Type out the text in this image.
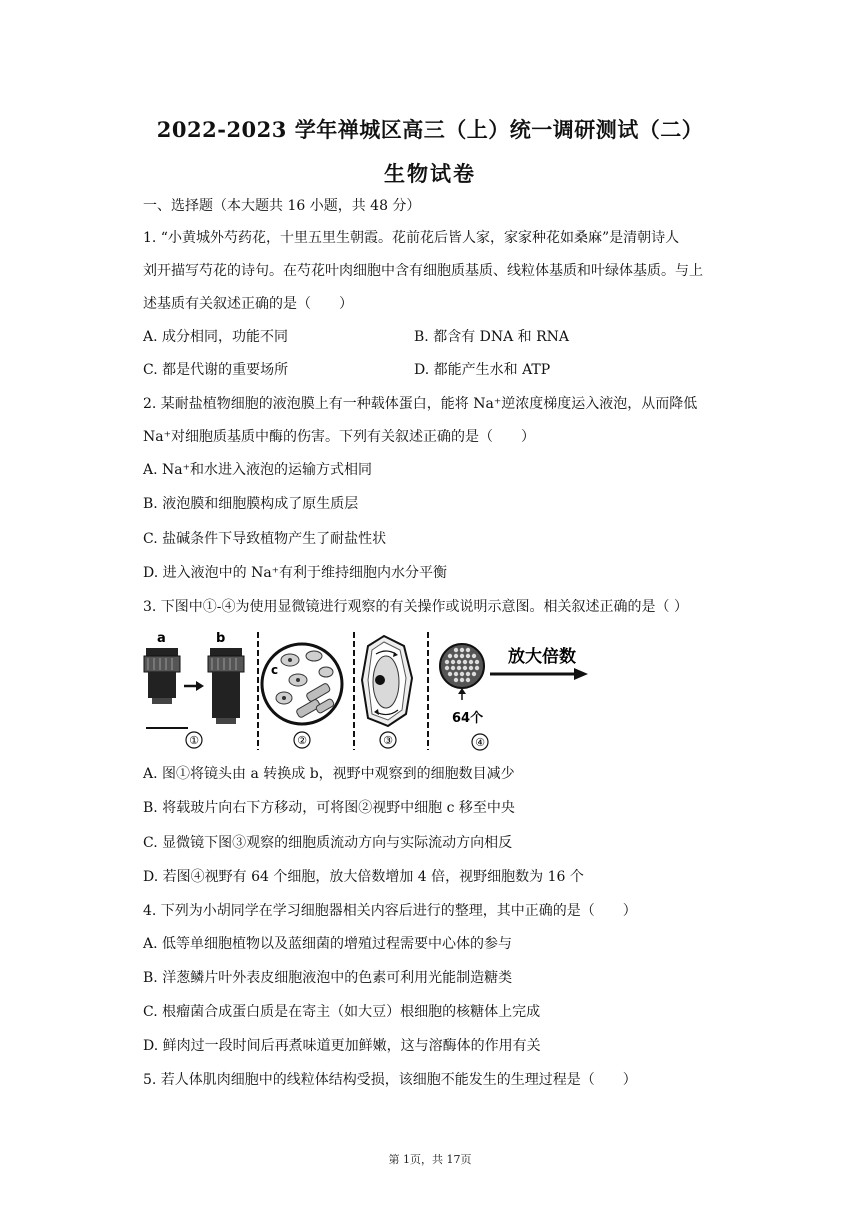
2022-2023 学年禅城区高三（上）统一调研测试（二）
生物试卷
一、选择题（本大题共 16 小题，共 48 分）
1. “小黄城外芍药花，十里五里生朝霞。花前花后皆人家，家家种花如桑麻”是清朝诗人
刘开描写芍花的诗句。在芍花叶肉细胞中含有细胞质基质、线粒体基质和叶绿体基质。与上
述基质有关叙述正确的是（　　）
A. 成分相同，功能不同	B. 都含有 DNA 和 RNA
C. 都是代谢的重要场所	D. 都能产生水和 ATP
2. 某耐盐植物细胞的液泡膜上有一种载体蛋白，能将 Na⁺逆浓度梯度运入液泡，从而降低
Na⁺对细胞质基质中酶的伤害。下列有关叙述正确的是（　　）
A. Na⁺和水进入液泡的运输方式相同
B. 液泡膜和细胞膜构成了原生质层
C. 盐碱条件下导致植物产生了耐盐性状
D. 进入液泡中的 Na⁺有利于维持细胞内水分平衡
3. 下图中①-④为使用显微镜进行观察的有关操作或说明示意图。相关叙述正确的是（ ）
a	b
①
c
②	③
64个
④
放大倍数
A. 图①将镜头由 a 转换成 b，视野中观察到的细胞数目减少
B. 将载玻片向右下方移动，可将图②视野中细胞 c 移至中央
C. 显微镜下图③观察的细胞质流动方向与实际流动方向相反
D. 若图④视野有 64 个细胞，放大倍数增加 4 倍，视野细胞数为 16 个
4. 下列为小胡同学在学习细胞器相关内容后进行的整理，其中正确的是（　　）
A. 低等单细胞植物以及蓝细菌的增殖过程需要中心体的参与
B. 洋葱鳞片叶外表皮细胞液泡中的色素可利用光能制造糖类
C. 根瘤菌合成蛋白质是在寄主（如大豆）根细胞的核糖体上完成
D. 鲜肉过一段时间后再煮味道更加鲜嫩，这与溶酶体的作用有关
5. 若人体肌肉细胞中的线粒体结构受损，该细胞不能发生的生理过程是（　　）
第 1页，共 17页
